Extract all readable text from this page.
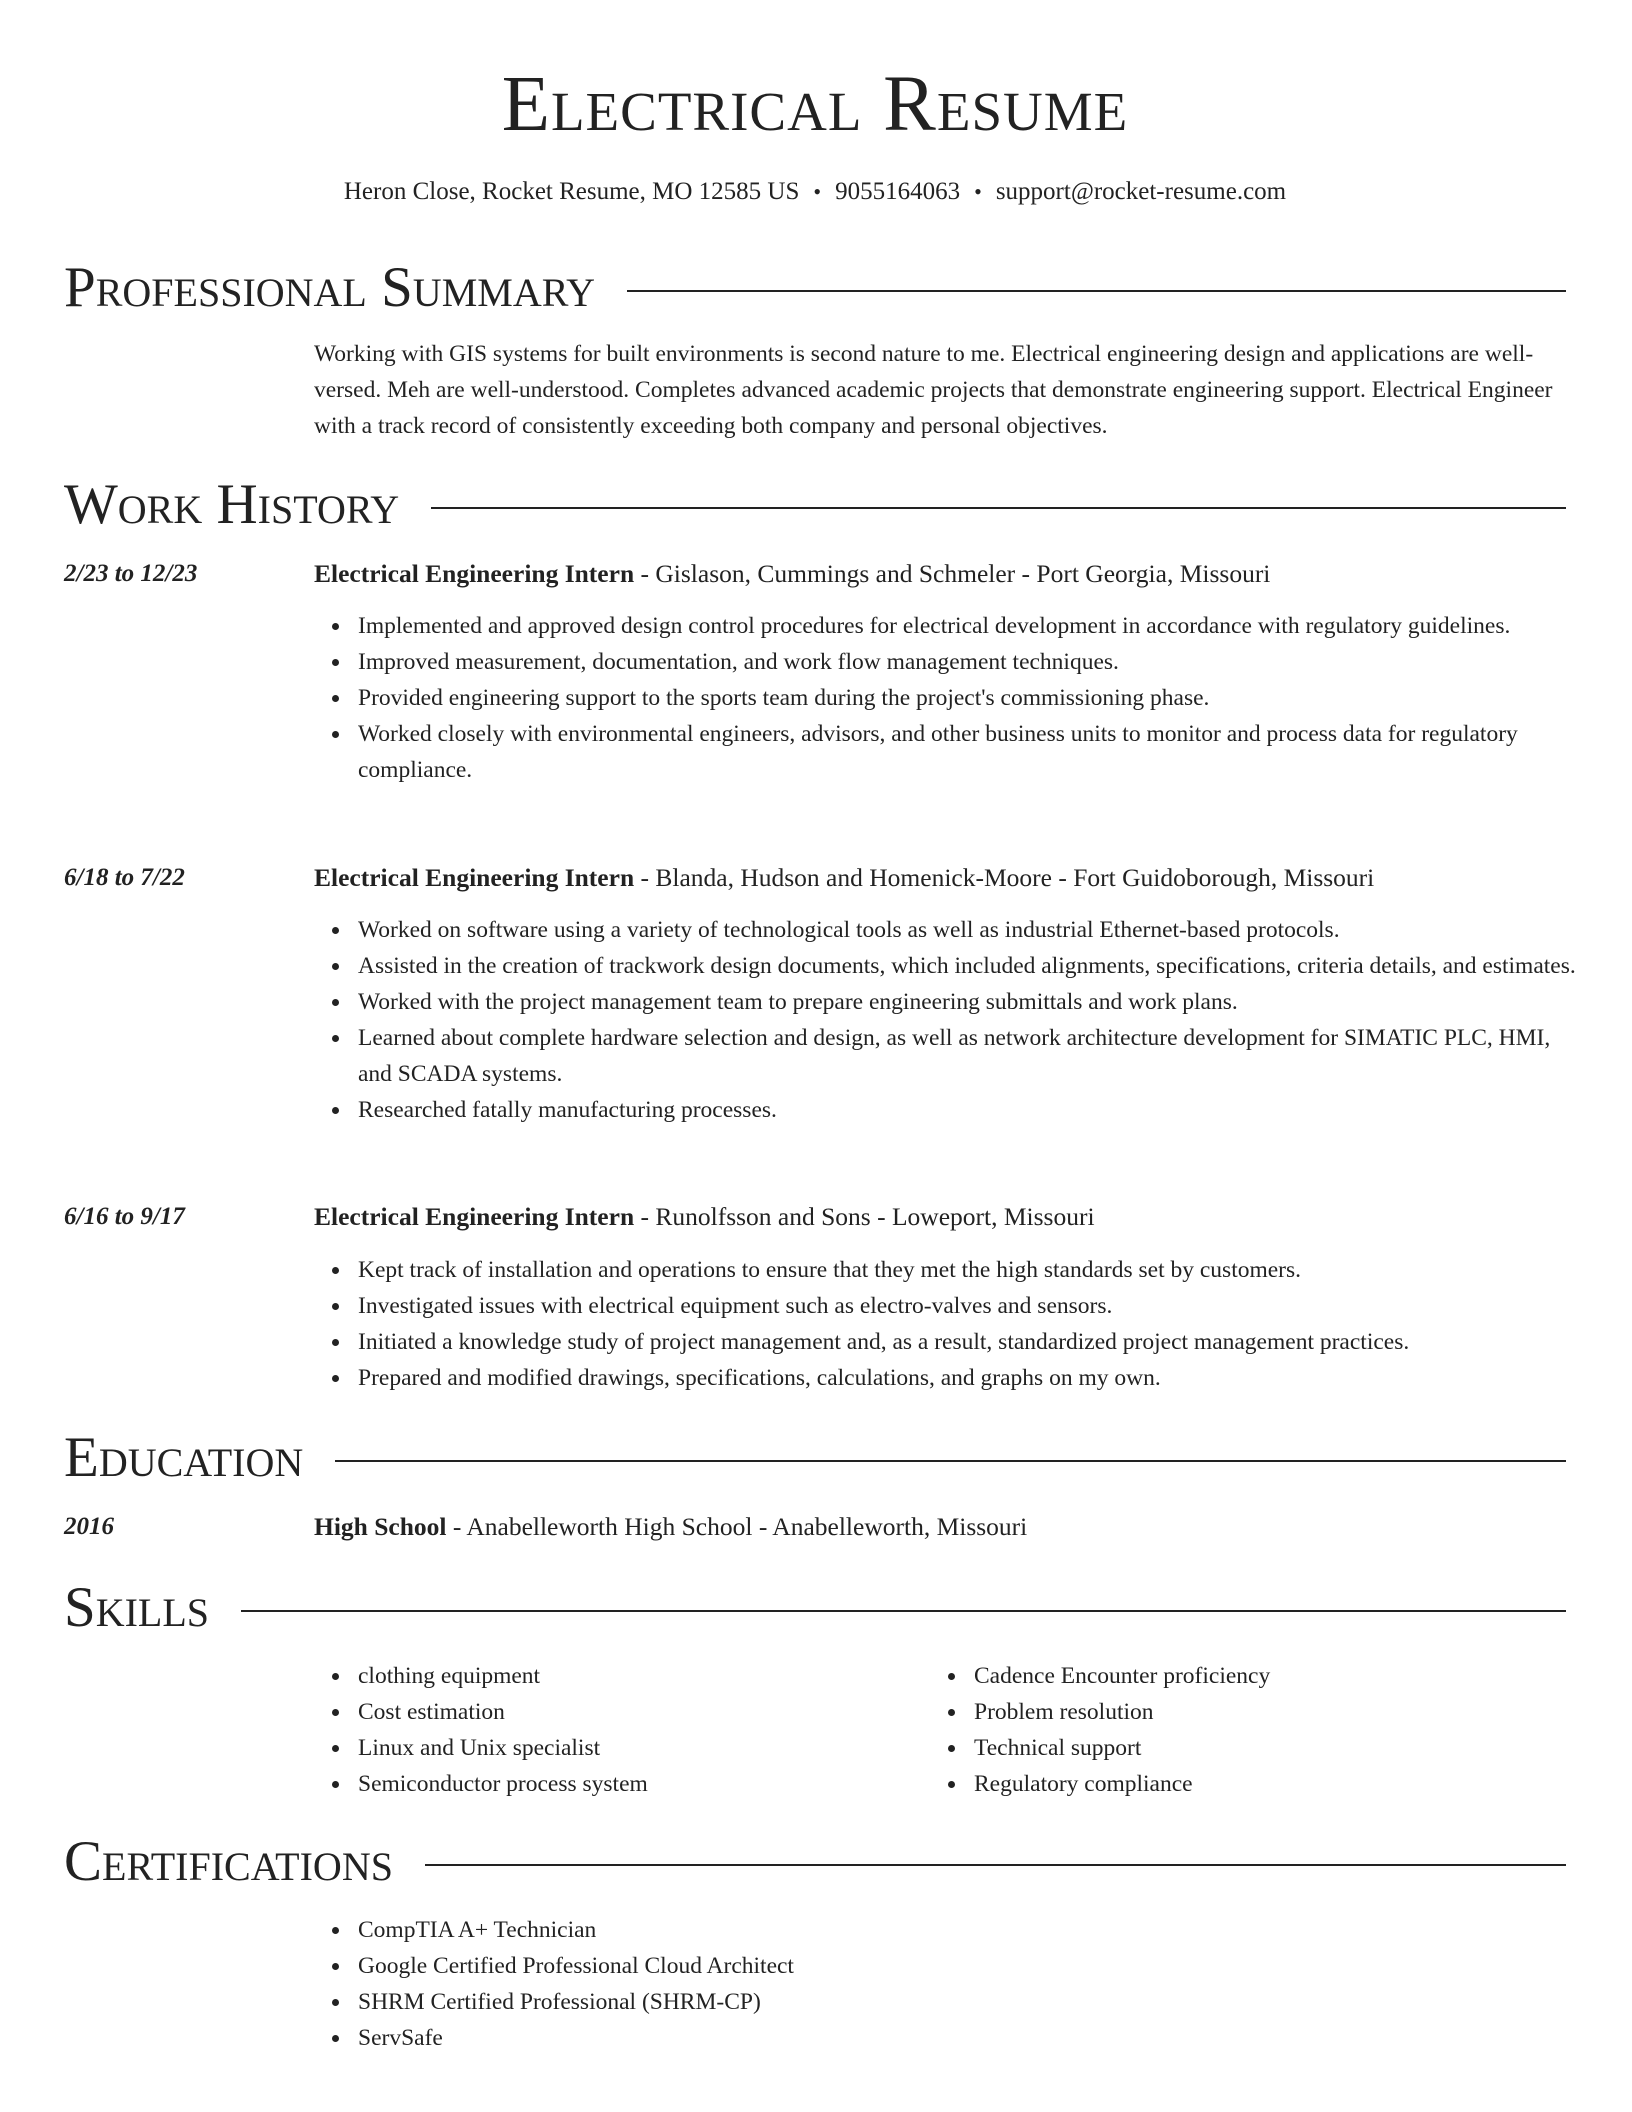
Electrical Resume
Heron Close, Rocket Resume, MO 12585 US • 9055164063 • support@rocket-resume.com
Professional Summary
Working with GIS systems for built environments is second nature to me. Electrical engineering design and applications are well-versed. Meh are well-understood. Completes advanced academic projects that demonstrate engineering support. Electrical Engineer with a track record of consistently exceeding both company and personal objectives.
Work History
2/23 to 12/23	Electrical Engineering Intern - Gislason, Cummings and Schmeler - Port Georgia, Missouri
Implemented and approved design control procedures for electrical development in accordance with regulatory guidelines.
Improved measurement, documentation, and work flow management techniques.
Provided engineering support to the sports team during the project's commissioning phase.
Worked closely with environmental engineers, advisors, and other business units to monitor and process data for regulatory compliance.
6/18 to 7/22	Electrical Engineering Intern - Blanda, Hudson and Homenick-Moore - Fort Guidoborough, Missouri
Worked on software using a variety of technological tools as well as industrial Ethernet-based protocols.
Assisted in the creation of trackwork design documents, which included alignments, specifications, criteria details, and estimates.
Worked with the project management team to prepare engineering submittals and work plans.
Learned about complete hardware selection and design, as well as network architecture development for SIMATIC PLC, HMI, and SCADA systems.
Researched fatally manufacturing processes.
6/16 to 9/17	Electrical Engineering Intern - Runolfsson and Sons - Loweport, Missouri
Kept track of installation and operations to ensure that they met the high standards set by customers.
Investigated issues with electrical equipment such as electro-valves and sensors.
Initiated a knowledge study of project management and, as a result, standardized project management practices.
Prepared and modified drawings, specifications, calculations, and graphs on my own.
Education
2016	High School - Anabelleworth High School - Anabelleworth, Missouri
Skills
clothing equipment
Cost estimation
Linux and Unix specialist
Semiconductor process system
Cadence Encounter proficiency
Problem resolution
Technical support
Regulatory compliance
Certifications
CompTIA A+ Technician
Google Certified Professional Cloud Architect
SHRM Certified Professional (SHRM-CP)
ServSafe
